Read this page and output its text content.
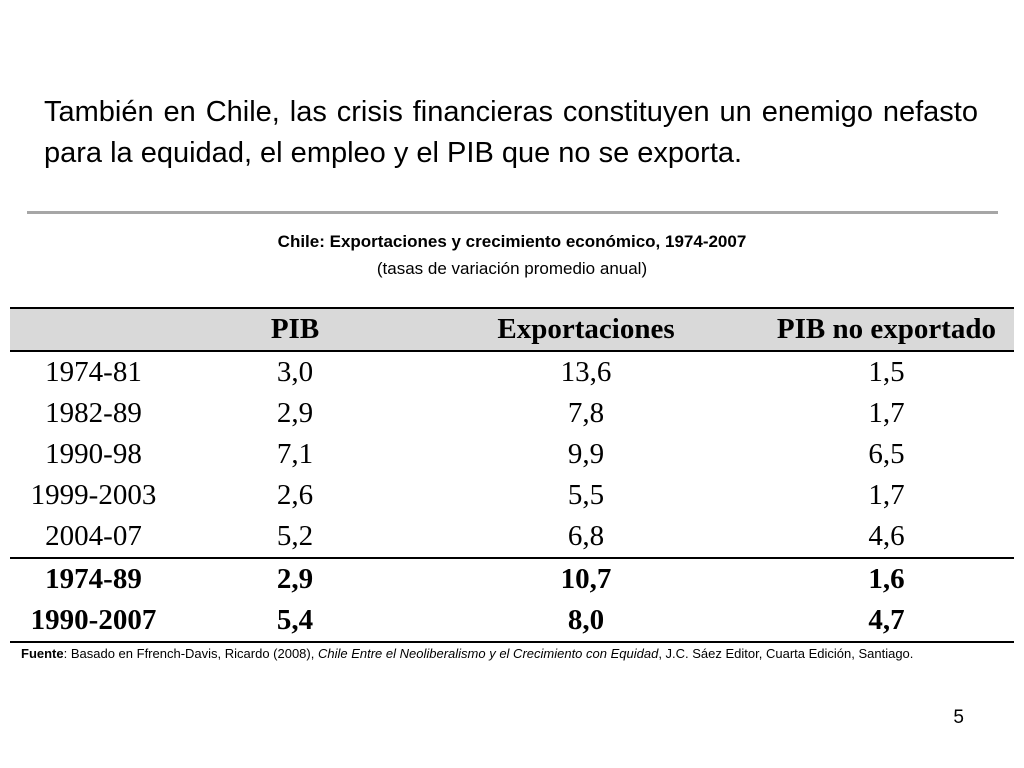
También en Chile, las crisis financieras constituyen un enemigo nefasto para la equidad, el empleo y el PIB que no se exporta.
Chile: Exportaciones y crecimiento económico, 1974-2007
(tasas de variación promedio anual)
	PIB	Exportaciones	PIB no exportado
1974-81	3,0	13,6	1,5
1982-89	2,9	7,8	1,7
1990-98	7,1	9,9	6,5
1999-2003	2,6	5,5	1,7
2004-07	5,2	6,8	4,6
1974-89	2,9	10,7	1,6
1990-2007	5,4	8,0	4,7
Fuente: Basado en Ffrench-Davis, Ricardo (2008), Chile Entre el Neoliberalismo y el Crecimiento con Equidad, J.C. Sáez Editor, Cuarta Edición, Santiago.
5
